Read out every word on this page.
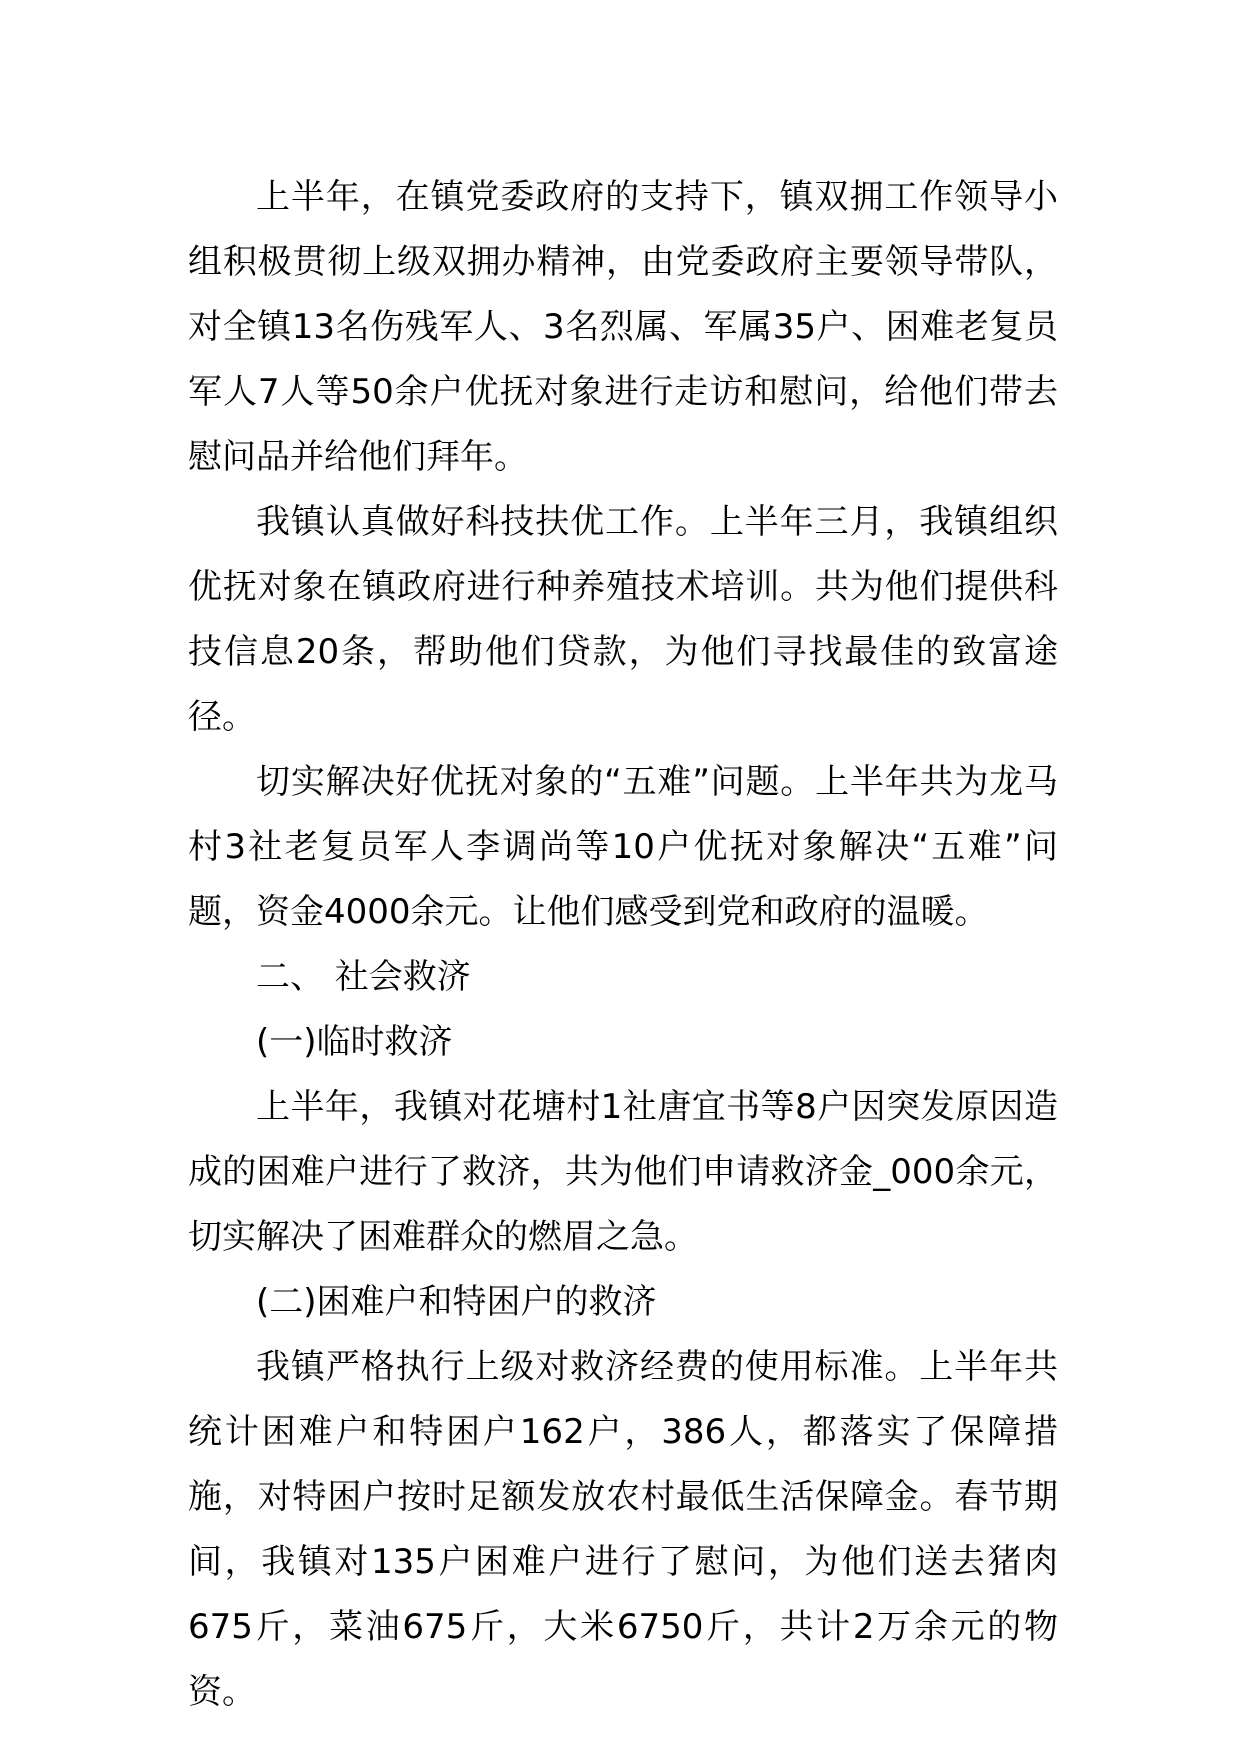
上半年，在镇党委政府的支持下，镇双拥工作领导小组积极贯彻上级双拥办精神，由党委政府主要领导带队，对全镇13名伤残军人、3名烈属、军属35户、困难老复员军人7人等50余户优抚对象进行走访和慰问，给他们带去慰问品并给他们拜年。

我镇认真做好科技扶优工作。上半年三月，我镇组织优抚对象在镇政府进行种养殖技术培训。共为他们提供科技信息20条，帮助他们贷款，为他们寻找最佳的致富途径。

切实解决好优抚对象的“五难”问题。上半年共为龙马村3社老复员军人李调尚等10户优抚对象解决“五难”问题，资金4000余元。让他们感受到党和政府的温暖。

二、 社会救济

(一)临时救济

上半年，我镇对花塘村1社唐宜书等8户因突发原因造成的困难户进行了救济，共为他们申请救济金_000余元，切实解决了困难群众的燃眉之急。

(二)困难户和特困户的救济

我镇严格执行上级对救济经费的使用标准。上半年共统计困难户和特困户162户，386人，都落实了保障措施，对特困户按时足额发放农村最低生活保障金。春节期间，我镇对135户困难户进行了慰问，为他们送去猪肉675斤，菜油675斤，大米6750斤，共计2万余元的物资。
